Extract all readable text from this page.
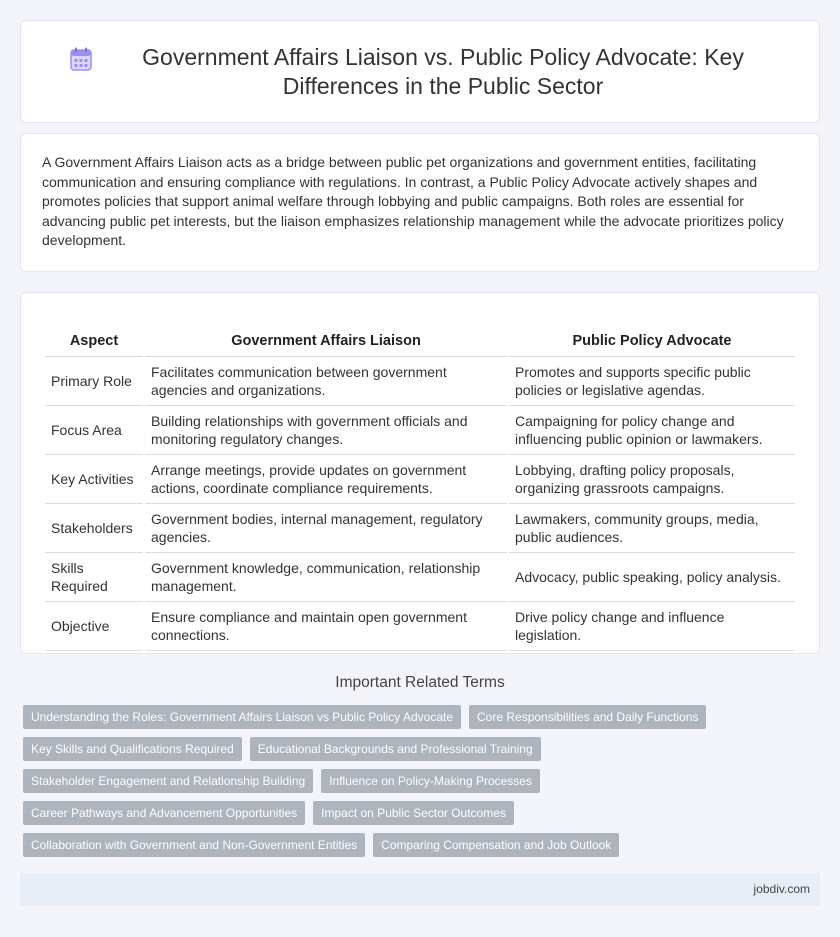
Government Affairs Liaison vs. Public Policy Advocate: Key Differences in the Public Sector

A Government Affairs Liaison acts as a bridge between public pet organizations and government entities, facilitating communication and ensuring compliance with regulations. In contrast, a Public Policy Advocate actively shapes and promotes policies that support animal welfare through lobbying and public campaigns. Both roles are essential for advancing public pet interests, but the liaison emphasizes relationship management while the advocate prioritizes policy development.

Aspect	Government Affairs Liaison	Public Policy Advocate
Primary Role	Facilitates communication between government agencies and organizations.	Promotes and supports specific public policies or legislative agendas.
Focus Area	Building relationships with government officials and monitoring regulatory changes.	Campaigning for policy change and influencing public opinion or lawmakers.
Key Activities	Arrange meetings, provide updates on government actions, coordinate compliance requirements.	Lobbying, drafting policy proposals, organizing grassroots campaigns.
Stakeholders	Government bodies, internal management, regulatory agencies.	Lawmakers, community groups, media, public audiences.
Skills Required	Government knowledge, communication, relationship management.	Advocacy, public speaking, policy analysis.
Objective	Ensure compliance and maintain open government connections.	Drive policy change and influence legislation.
Important Related Terms
Understanding the Roles: Government Affairs Liaison vs Public Policy Advocate	Core Responsibilities and Daily Functions
Key Skills and Qualifications Required	Educational Backgrounds and Professional Training
Stakeholder Engagement and Relationship Building	Influence on Policy-Making Processes
Career Pathways and Advancement Opportunities	Impact on Public Sector Outcomes
Collaboration with Government and Non-Government Entities	Comparing Compensation and Job Outlook
jobdiv.com
